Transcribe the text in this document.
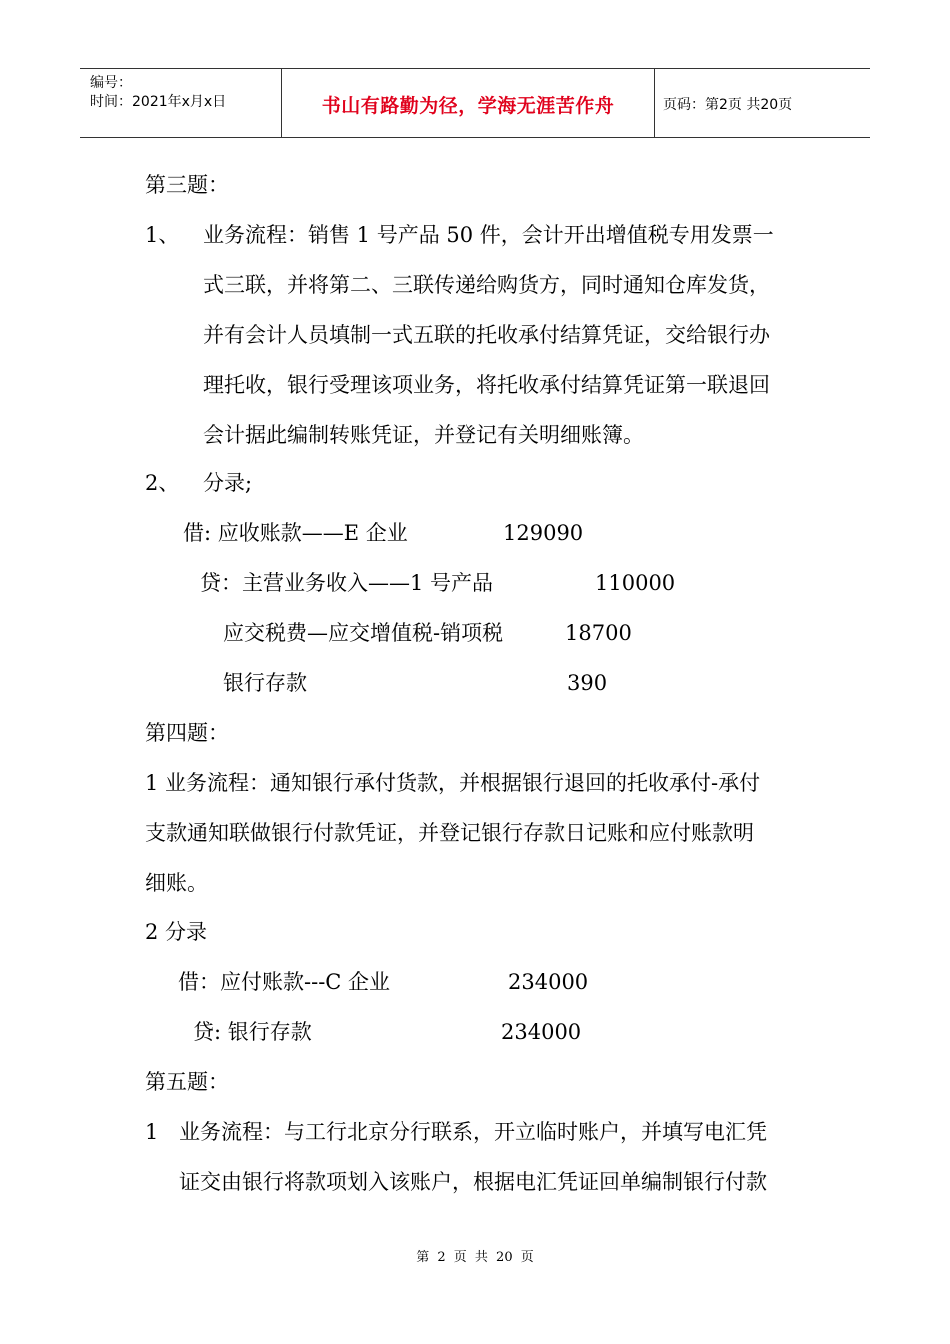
编号：
时间：2021年x月x日	书山有路勤为径，学海无涯苦作舟	页码：第2页 共20页
第三题：
1、 业务流程：销售 1 号产品 50 件，会计开出增值税专用发票一
式三联，并将第二、三联传递给购货方，同时通知仓库发货，
并有会计人员填制一式五联的托收承付结算凭证，交给银行办
理托收，银行受理该项业务，将托收承付结算凭证第一联退回
会计据此编制转账凭证，并登记有关明细账簿。
2、 分录;
借: 应收账款——E 企业	129090
贷：主营业务收入——1 号产品	110000
应交税费—应交增值税-销项税	18700
银行存款	390
第四题：
1 业务流程：通知银行承付货款，并根据银行退回的托收承付-承付
支款通知联做银行付款凭证，并登记银行存款日记账和应付账款明
细账。
2 分录
借：应付账款---C 企业	234000
贷: 银行存款	234000
第五题：
1 业务流程：与工行北京分行联系，开立临时账户，并填写电汇凭
证交由银行将款项划入该账户，根据电汇凭证回单编制银行付款
第 2 页 共 20 页
